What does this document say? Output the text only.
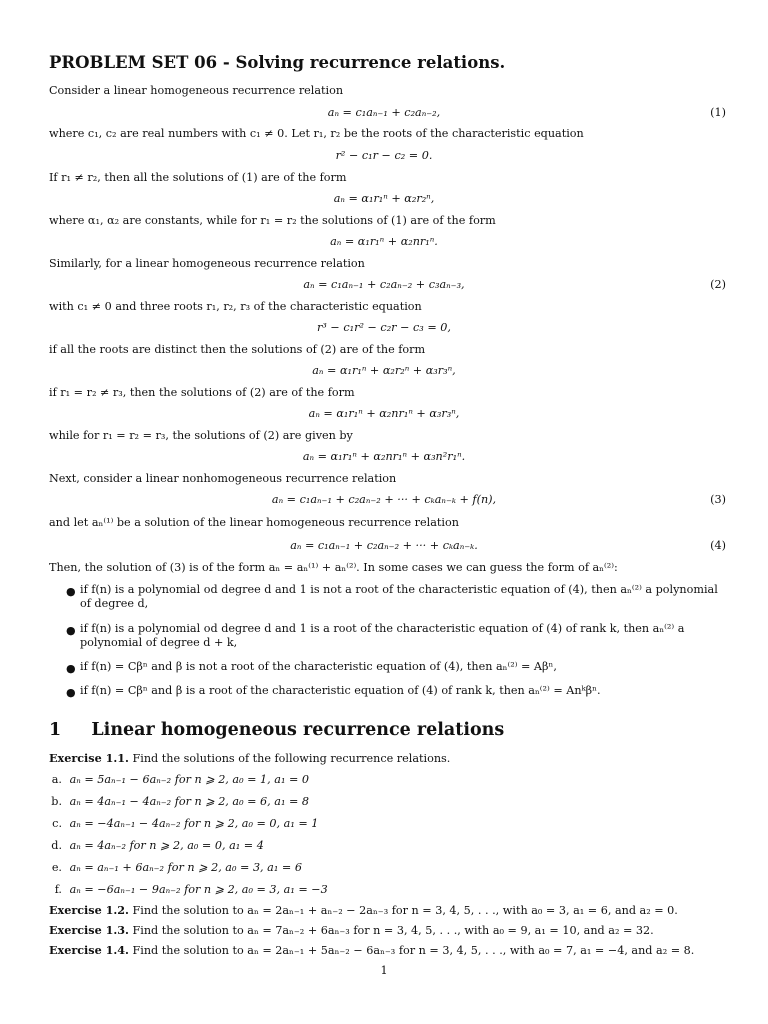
PROBLEM SET 06 - Solving recurrence relations.
Consider a linear homogeneous recurrence relation
aₙ = c₁aₙ₋₁ + c₂aₙ₋₂,	(1)
where c₁, c₂ are real numbers with c₁ ≠ 0. Let r₁, r₂ be the roots of the characteristic equation
r² − c₁r − c₂ = 0.
If r₁ ≠ r₂, then all the solutions of (1) are of the form
aₙ = α₁r₁ⁿ + α₂r₂ⁿ,
where α₁, α₂ are constants, while for r₁ = r₂ the solutions of (1) are of the form
aₙ = α₁r₁ⁿ + α₂nr₁ⁿ.
Similarly, for a linear homogeneous recurrence relation
aₙ = c₁aₙ₋₁ + c₂aₙ₋₂ + c₃aₙ₋₃,	(2)
with c₁ ≠ 0 and three roots r₁, r₂, r₃ of the characteristic equation
r³ − c₁r² − c₂r − c₃ = 0,
if all the roots are distinct then the solutions of (2) are of the form
aₙ = α₁r₁ⁿ + α₂r₂ⁿ + α₃r₃ⁿ,
if r₁ = r₂ ≠ r₃, then the solutions of (2) are of the form
aₙ = α₁r₁ⁿ + α₂nr₁ⁿ + α₃r₃ⁿ,
while for r₁ = r₂ = r₃, the solutions of (2) are given by
aₙ = α₁r₁ⁿ + α₂nr₁ⁿ + α₃n²r₁ⁿ.
Next, consider a linear nonhomogeneous recurrence relation
aₙ = c₁aₙ₋₁ + c₂aₙ₋₂ + ··· + cₖaₙ₋ₖ + f(n),	(3)
and let aₙ⁽¹⁾ be a solution of the linear homogeneous recurrence relation
aₙ = c₁aₙ₋₁ + c₂aₙ₋₂ + ··· + cₖaₙ₋ₖ.	(4)
Then, the solution of (3) is of the form aₙ = aₙ⁽¹⁾ + aₙ⁽²⁾. In some cases we can guess the form of aₙ⁽²⁾:
● if f(n) is a polynomial od degree d and 1 is not a root of the characteristic equation of (4), then aₙ⁽²⁾ a polynomial of degree d,
● if f(n) is a polynomial od degree d and 1 is a root of the characteristic equation of (4) of rank k, then aₙ⁽²⁾ a polynomial of degree d + k,
● if f(n) = Cβⁿ and β is not a root of the characteristic equation of (4), then aₙ⁽²⁾ = Aβⁿ,
● if f(n) = Cβⁿ and β is a root of the characteristic equation of (4) of rank k, then aₙ⁽²⁾ = Anᵏβⁿ.
1 Linear homogeneous recurrence relations
Exercise 1.1. Find the solutions of the following recurrence relations.
a. aₙ = 5aₙ₋₁ − 6aₙ₋₂ for n ⩾ 2, a₀ = 1, a₁ = 0
b. aₙ = 4aₙ₋₁ − 4aₙ₋₂ for n ⩾ 2, a₀ = 6, a₁ = 8
c. aₙ = −4aₙ₋₁ − 4aₙ₋₂ for n ⩾ 2, a₀ = 0, a₁ = 1
d. aₙ = 4aₙ₋₂ for n ⩾ 2, a₀ = 0, a₁ = 4
e. aₙ = aₙ₋₁ + 6aₙ₋₂ for n ⩾ 2, a₀ = 3, a₁ = 6
f. aₙ = −6aₙ₋₁ − 9aₙ₋₂ for n ⩾ 2, a₀ = 3, a₁ = −3
Exercise 1.2. Find the solution to aₙ = 2aₙ₋₁ + aₙ₋₂ − 2aₙ₋₃ for n = 3, 4, 5, . . ., with a₀ = 3, a₁ = 6, and a₂ = 0.
Exercise 1.3. Find the solution to aₙ = 7aₙ₋₂ + 6aₙ₋₃ for n = 3, 4, 5, . . ., with a₀ = 9, a₁ = 10, and a₂ = 32.
Exercise 1.4. Find the solution to aₙ = 2aₙ₋₁ + 5aₙ₋₂ − 6aₙ₋₃ for n = 3, 4, 5, . . ., with a₀ = 7, a₁ = −4, and a₂ = 8.
1
